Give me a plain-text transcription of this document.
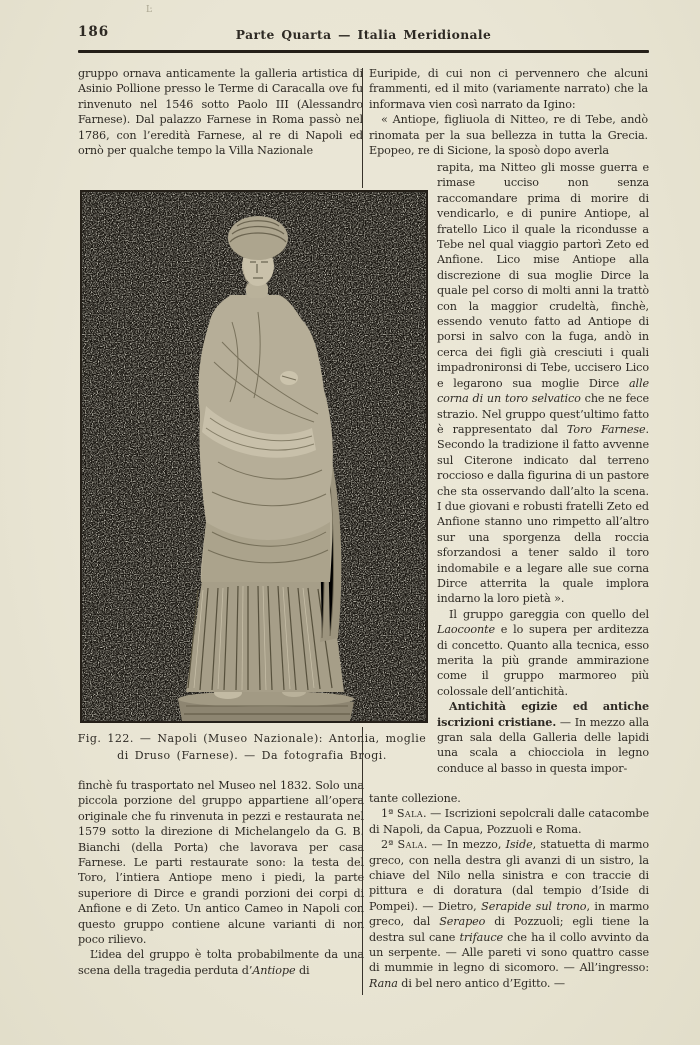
Ŀ
186	Parte Quarta — Italia Meridionale

gruppo ornava anticamente la galleria artistica di Asinio Pollione presso le Terme di Caracalla ove fu rinvenuto nel 1546 sotto Paolo III (Alessandro Farnese). Dal palazzo Farnese in Roma passò nel 1786, con l’eredità Farnese, al re di Napoli ed ornò per qualche tempo la Villa Nazionale

Euripide, di cui non ci pervennero che alcuni frammenti, ed il mito (variamente narrato) che la informava vien così narrato da Igino:

« Antiope, figliuola di Nitteo, re di Tebe, andò rinomata per la sua bellezza in tutta la Grecia. Epopeo, re di Sicione, la sposò dopo averla

rapita, ma Nitteo gli mosse guerra e rimase ucciso non senza raccomandare prima di morire di vendicarlo, e di punire Antiope, al fratello Lico il quale la ricondusse a Tebe nel qual viaggio partorì Zeto ed Anfione. Lico mise Antiope alla discrezione di sua moglie Dirce la quale pel corso di molti anni la trattò con la maggior crudeltà, finchè, essendo venuto fatto ad Antiope di porsi in salvo con la fuga, andò in cerca dei figli già cresciuti i quali impadronironsi di Tebe, uccisero Lico e legarono sua moglie Dirce alle corna di un toro selvatico che ne fece strazio. Nel gruppo quest’ultimo fatto è rappresentato dal Toro Farnese. Secondo la tradizione il fatto avvenne sul Citerone indicato dal terreno roccioso e dalla figurina di un pastore che sta osservando dall’alto la scena. I due giovani e robusti fratelli Zeto ed Anfione stanno uno rimpetto all’altro sur una sporgenza della roccia sforzandosi a tener saldo il toro indomabile e a legare alle sue corna Dirce atterrita la quale implora indarno la loro pietà ».

Il gruppo gareggia con quello del Laocoonte e lo supera per arditezza di concetto. Quanto alla tecnica, esso merita la più grande ammirazione come il gruppo marmoreo più colossale dell’antichità.

Antichità egizie ed antiche iscrizioni cristiane. — In mezzo alla gran sala della Galleria delle lapidi una scala a chiocciola in legno conduce al basso in questa impor-

Fig. 122. — Napoli (Museo Nazionale): Antonia, moglie

di Druso (Farnese). — Da fotografia Brogi.

finchè fu trasportato nel Museo nel 1832. Solo una piccola porzione del gruppo appartiene all’opera originale che fu rinvenuta in pezzi e restaurata nel 1579 sotto la direzione di Michelangelo da G. B. Bianchi (della Porta) che lavorava per casa Farnese. Le parti restaurate sono: la testa del Toro, l’intiera Antiope meno i piedi, la parte superiore di Dirce e grandi porzioni dei corpi di Anfione e di Zeto. Un antico Cameo in Napoli con questo gruppo contiene alcune varianti di non poco rilievo.

L’idea del gruppo è tolta probabilmente da una scena della tragedia perduta d’Antiope di

tante collezione.

1ª Sala. — Iscrizioni sepolcrali dalle catacombe di Napoli, da Capua, Pozzuoli e Roma.

2ª Sala. — In mezzo, Iside, statuetta di marmo greco, con nella destra gli avanzi di un sistro, la chiave del Nilo nella sinistra e con traccie di pittura e di doratura (dal tempio d’Iside di Pompei). — Dietro, Serapide sul trono, in marmo greco, dal Serapeo di Pozzuoli; egli tiene la destra sul cane trifauce che ha il collo avvinto da un serpente. — Alle pareti vi sono quattro casse di mummie in legno di sicomoro. — All’ingresso: Rana di bel nero antico d’Egitto. —
